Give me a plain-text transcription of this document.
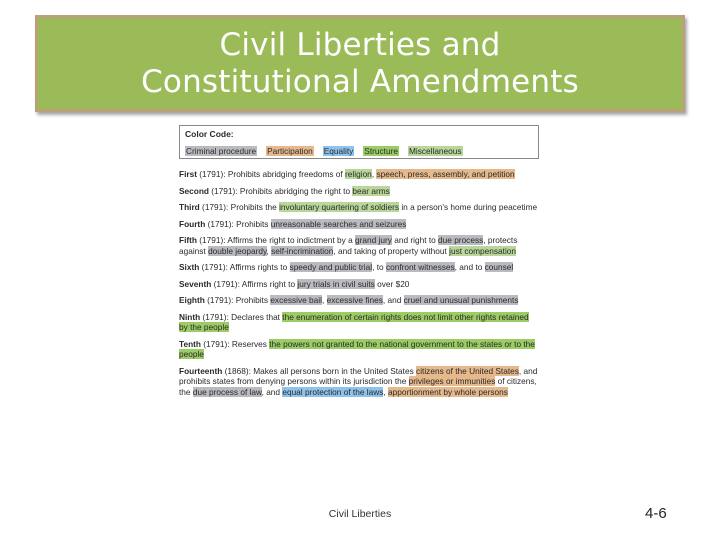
Civil Liberties and
Constitutional Amendments
Color Code:
Criminal procedure Participation Equality Structure Miscellaneous
First (1791): Prohibits abridging freedoms of religion, speech, press, assembly, and petition
Second (1791): Prohibits abridging the right to bear arms
Third (1791): Prohibits the involuntary quartering of soldiers in a person's home during peacetime
Fourth (1791): Prohibits unreasonable searches and seizures
Fifth (1791): Affirms the right to indictment by a grand jury and right to due process, protects against double jeopardy, self-incrimination, and taking of property without just compensation
Sixth (1791): Affirms rights to speedy and public trial, to confront witnesses, and to counsel
Seventh (1791): Affirms right to jury trials in civil suits over $20
Eighth (1791): Prohibits excessive bail, excessive fines, and cruel and unusual punishments
Ninth (1791): Declares that the enumeration of certain rights does not limit other rights retained by the people
Tenth (1791): Reserves the powers not granted to the national government to the states or to the people
Fourteenth (1868): Makes all persons born in the United States citizens of the United States, and prohibits states from denying persons within its jurisdiction the privileges or immunities of citizens, the due process of law, and equal protection of the laws, apportionment by whole persons
Civil Liberties	4-6
